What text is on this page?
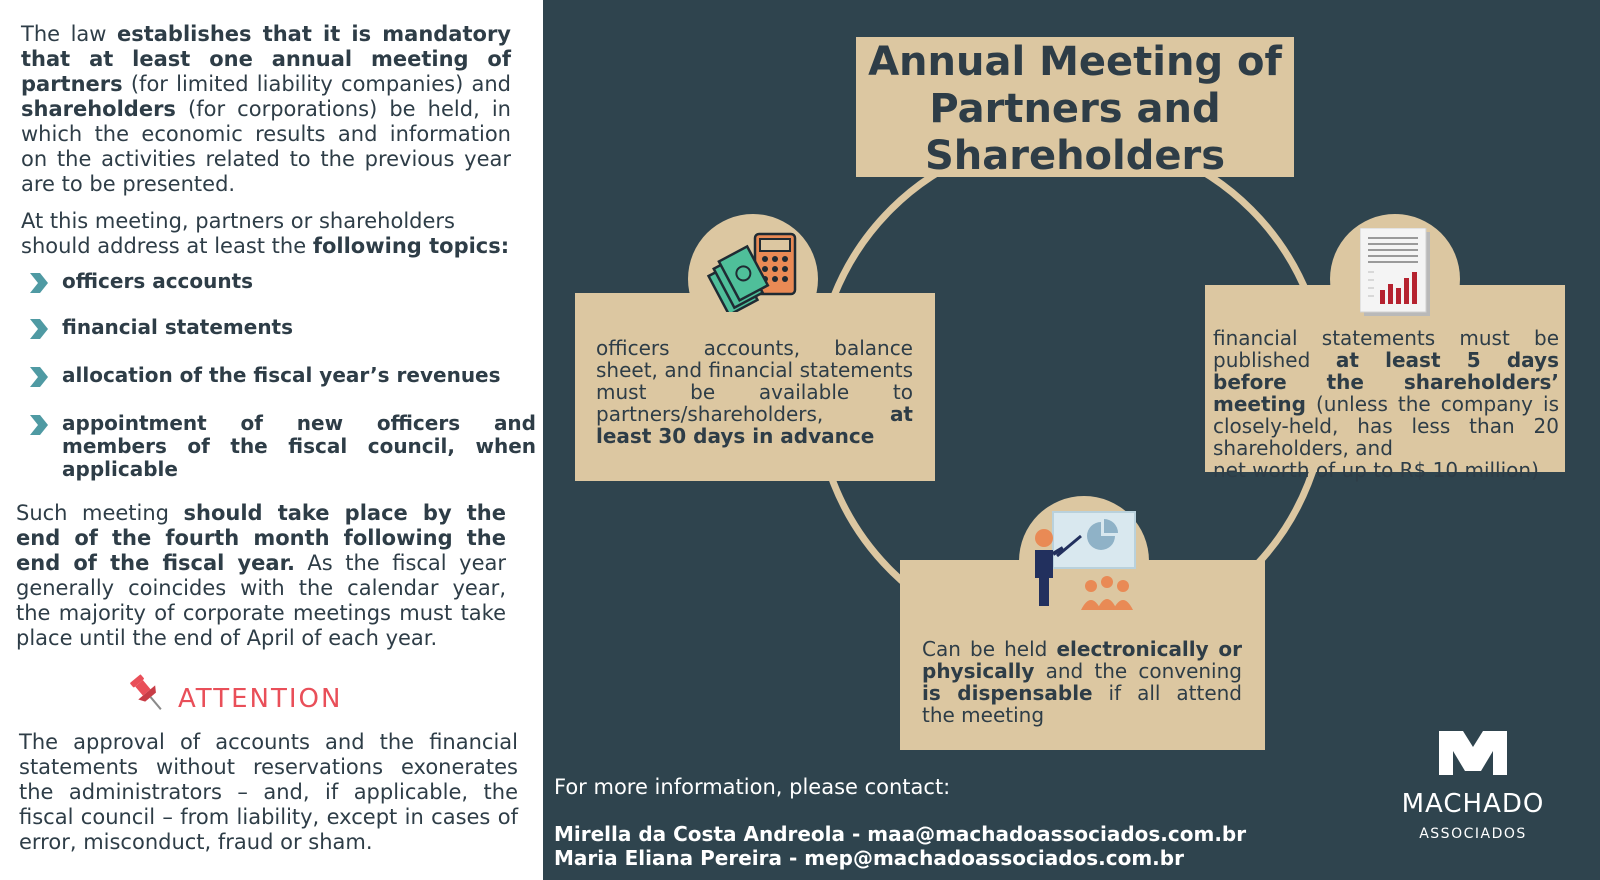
The law establishes that it is mandatory that at least one annual meeting of partners (for limited liability companies) and shareholders (for corporations) be held, in which the economic results and information on the activities related to the previous year are to be presented.

At this meeting, partners or shareholders should address at least the following topics:

officers accounts
financial statements
allocation of the fiscal year’s revenues
appointment of new officers and members of the fiscal council, when applicable

Such meeting should take place by the end of the fourth month following the end of the fiscal year. As the fiscal year generally coincides with the calendar year, the majority of corporate meetings must take place until the end of April of each year.

ATTENTION

The approval of accounts and the financial statements without reservations exonerates the administrators – and, if applicable, the fiscal council – from liability, except in cases of error, misconduct, fraud or sham.

Annual Meeting of Partners and Shareholders

officers accounts, balance sheet, and financial statements must be available to partners/shareholders, at least 30 days in advance

financial statements must be published at least 5 days before the shareholders’ meeting (unless the company is closely-held, has less than 20 shareholders, and
net worth of up to R$ 10 million)

Can be held electronically or physically and the convening is dispensable if all attend the meeting

For more information, please contact:
Mirella da Costa Andreola - maa@machadoassociados.com.br
Maria Eliana Pereira - mep@machadoassociados.com.br
MACHADO
ASSOCIADOS
